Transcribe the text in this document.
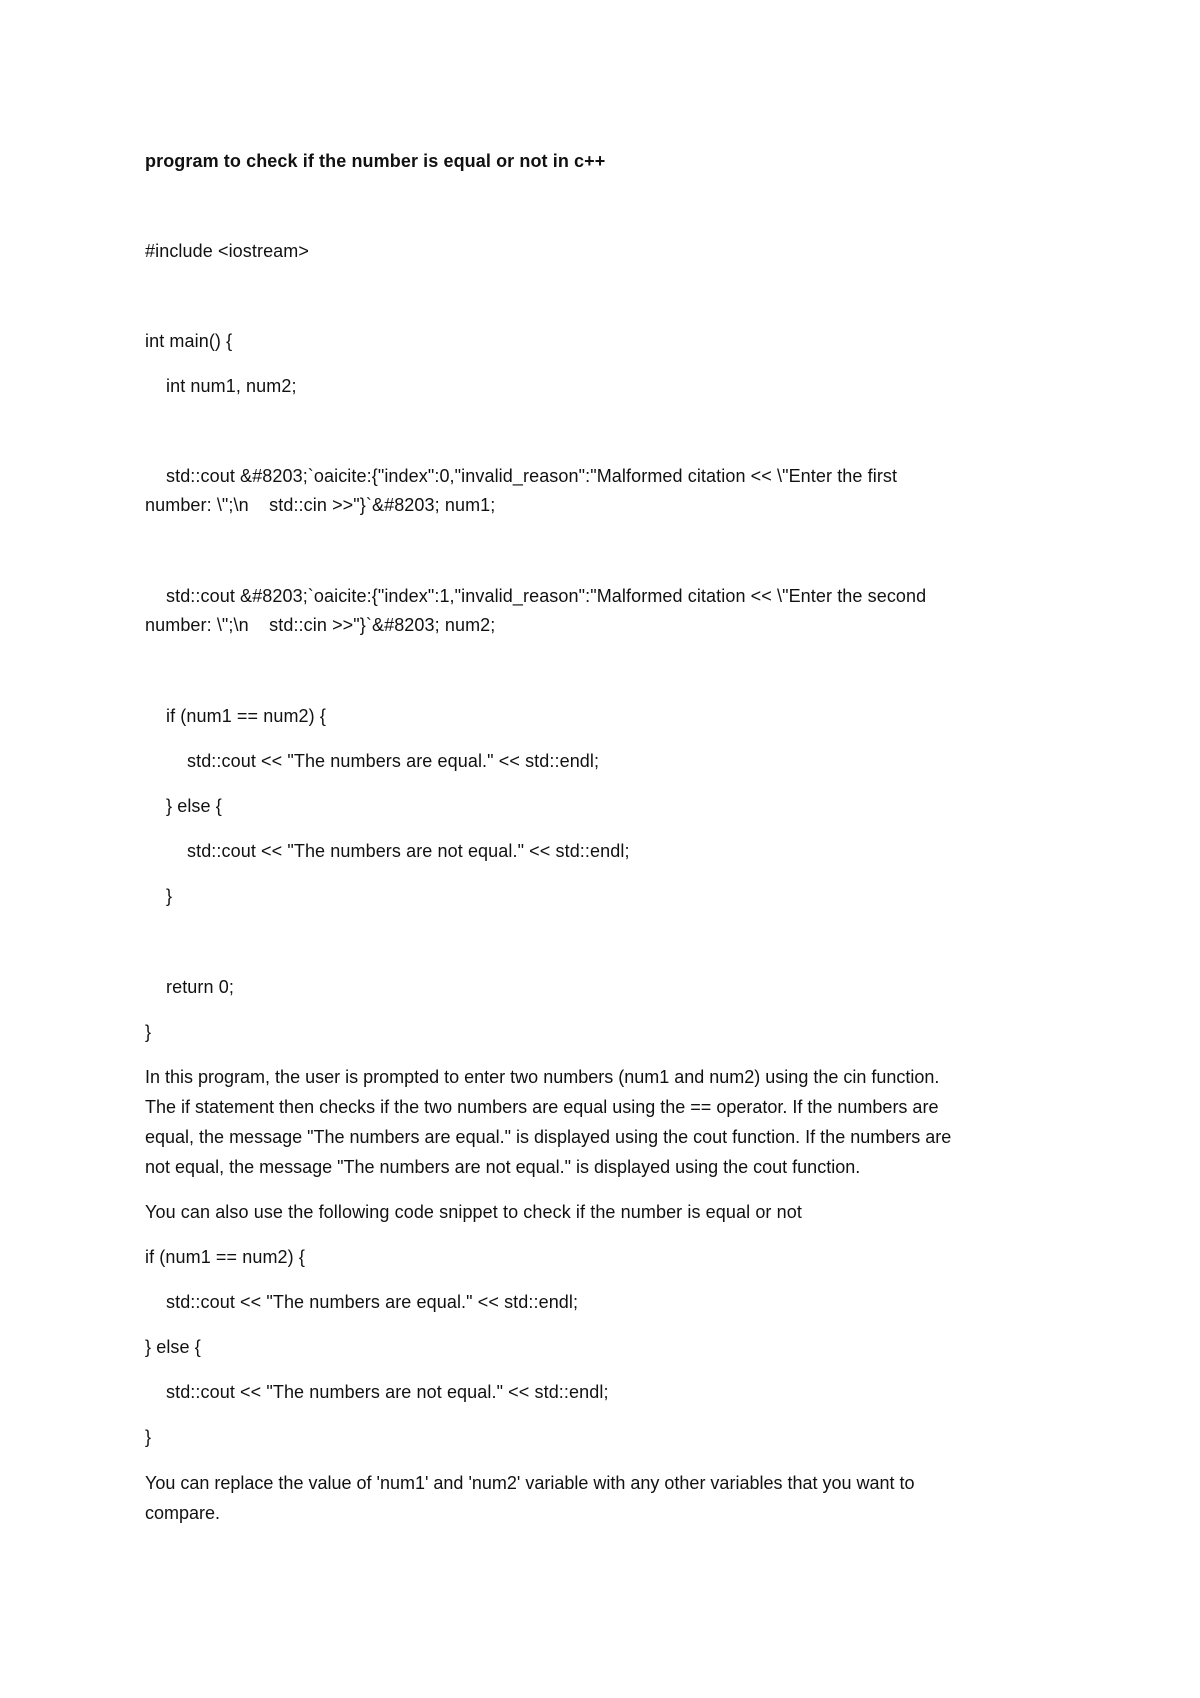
program to check if the number is equal or not in c++
#include <iostream>
int main() {
int num1, num2;
std::cout &#8203;`oaicite:{"index":0,"invalid_reason":"Malformed citation << \"Enter the first
number: \";\n    std::cin >>"}`&#8203; num1;
std::cout &#8203;`oaicite:{"index":1,"invalid_reason":"Malformed citation << \"Enter the second
number: \";\n    std::cin >>"}`&#8203; num2;
if (num1 == num2) {
std::cout << "The numbers are equal." << std::endl;
} else {
std::cout << "The numbers are not equal." << std::endl;
}
return 0;
}
In this program, the user is prompted to enter two numbers (num1 and num2) using the cin function.
The if statement then checks if the two numbers are equal using the == operator. If the numbers are
equal, the message "The numbers are equal." is displayed using the cout function. If the numbers are
not equal, the message "The numbers are not equal." is displayed using the cout function.
You can also use the following code snippet to check if the number is equal or not
if (num1 == num2) {
std::cout << "The numbers are equal." << std::endl;
} else {
std::cout << "The numbers are not equal." << std::endl;
}
You can replace the value of 'num1' and 'num2' variable with any other variables that you want to
compare.
